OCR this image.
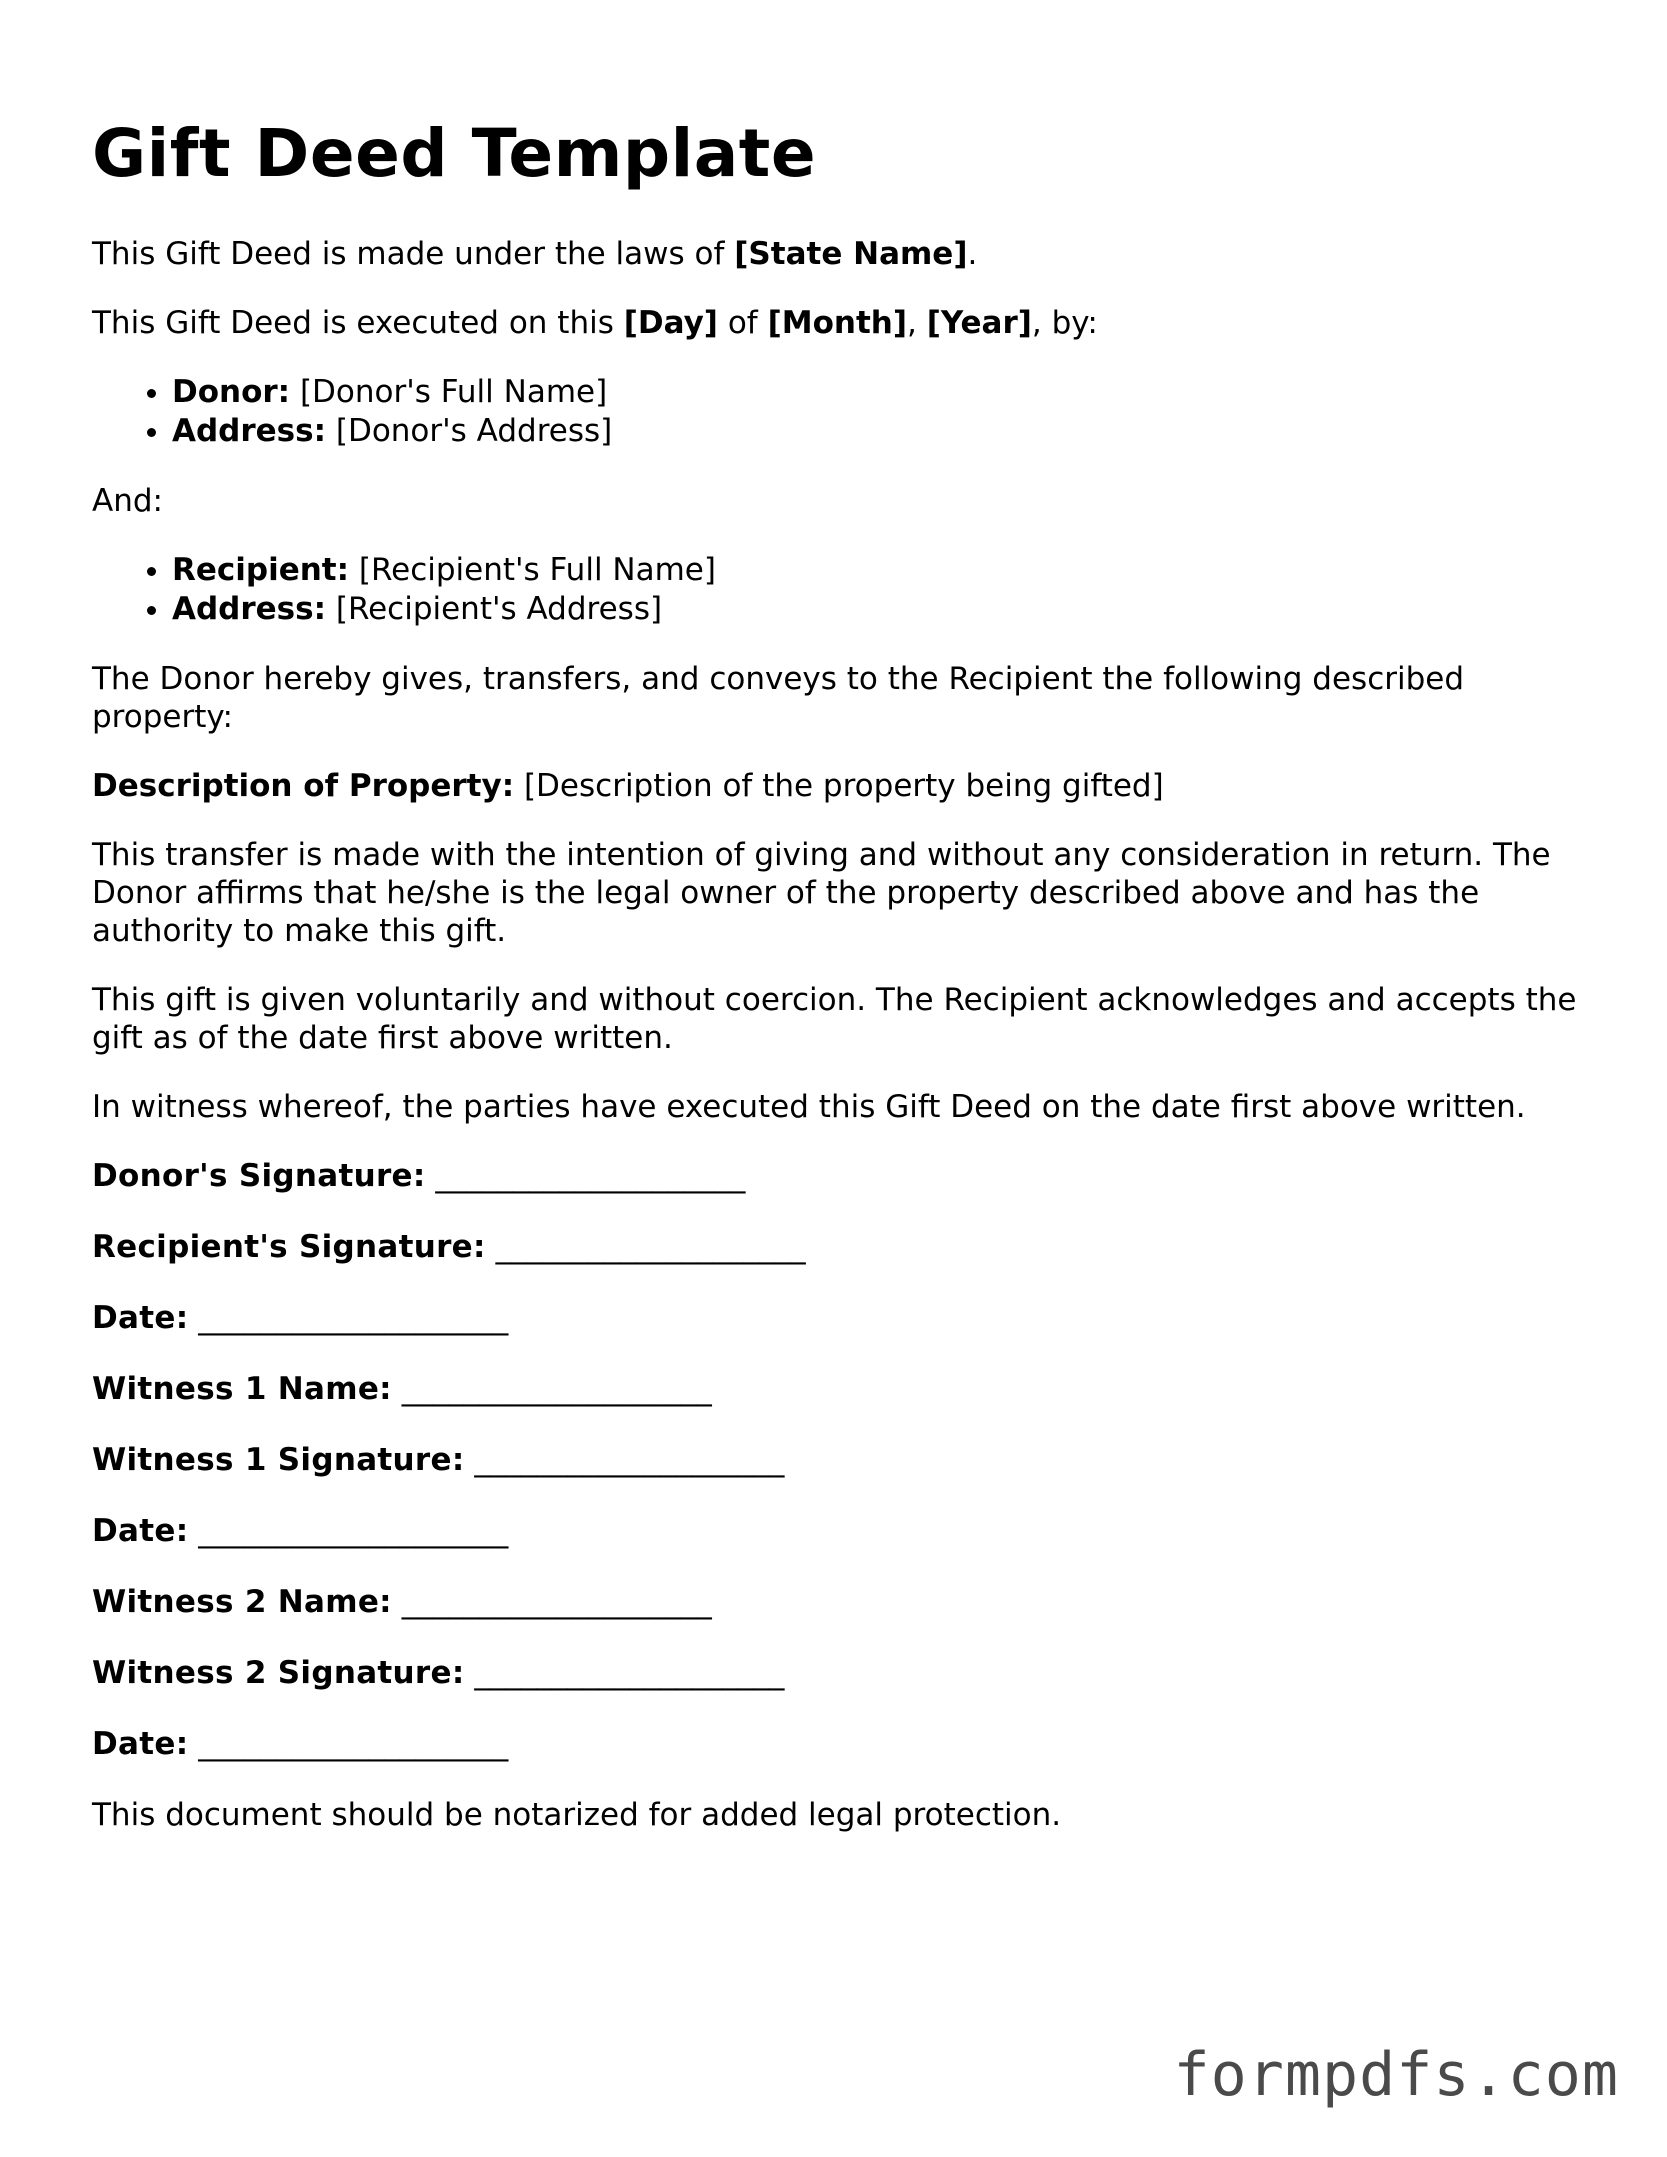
Gift Deed Template

This Gift Deed is made under the laws of [State Name].

This Gift Deed is executed on this [Day] of [Month], [Year], by:

• Donor: [Donor's Full Name]
• Address: [Donor's Address]

And:

• Recipient: [Recipient's Full Name]
• Address: [Recipient's Address]

The Donor hereby gives, transfers, and conveys to the Recipient the following described property:

Description of Property: [Description of the property being gifted]

This transfer is made with the intention of giving and without any consideration in return. The Donor affirms that he/she is the legal owner of the property described above and has the authority to make this gift.

This gift is given voluntarily and without coercion. The Recipient acknowledges and accepts the gift as of the date first above written.

In witness whereof, the parties have executed this Gift Deed on the date first above written.

Donor's Signature: ____________________
Recipient's Signature: ____________________
Date: ____________________
Witness 1 Name: ____________________
Witness 1 Signature: ____________________
Date: ____________________
Witness 2 Name: ____________________
Witness 2 Signature: ____________________
Date: ____________________

This document should be notarized for added legal protection.

formpdfs.com
